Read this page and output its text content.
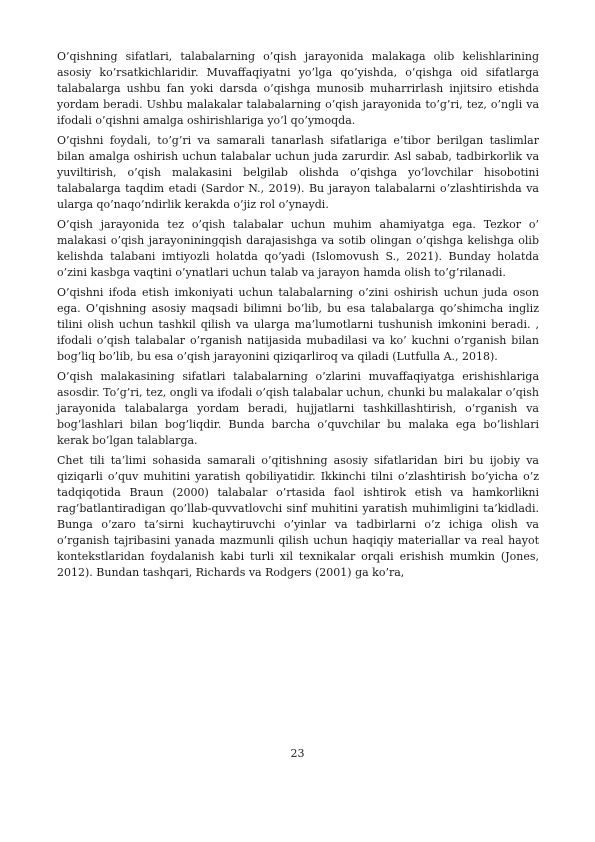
O’qishning sifatlari, talabalarning o’qish jarayonida malakaga olib kelishlarining asosiy ko’rsatkichlaridir. Muvaffaqiyatni yo’lga qo’yishda, o’qishga oid sifatlarga talabalarga ushbu fan yoki darsda o’qishga munosib muharrirlash injitsiro etishda yordam beradi. Ushbu malakalar talabalarning o’qish jarayonida to’g’ri, tez, o’ngli va ifodali o’qishni amalga oshirishlariga yo’l qo’ymoqda.

O’qishni foydali, to’g’ri va samarali tanarlash sifatlariga e’tibor berilgan taslimlar bilan amalga oshirish uchun talabalar uchun juda zarurdir. Asl sabab, tadbirkorlik va yuviltirish, o’qish malakasini belgilab olishda o’qishga yo’lovchilar hisobotini talabalarga taqdim etadi (Sardor N., 2019). Bu jarayon talabalarni o’zlashtirishda va ularga qo’naqo’ndirlik kerakda o’jiz rol o’ynaydi.

O’qish jarayonida tez o’qish talabalar uchun muhim ahamiyatga ega. Tezkor o’ malakasi o’qish jarayoniningqish darajasishga va sotib olingan o’qishga kelishga olib kelishda talabani imtiyozli holatda qo’yadi (Islomovush S., 2021). Bunday holatda o’zini kasbga vaqtini o’ynatlari uchun talab va jarayon hamda olish to’g’rilanadi.

O’qishni ifoda etish imkoniyati uchun talabalarning o’zini oshirish uchun juda oson ega. O’qishning asosiy maqsadi bilimni bo’lib, bu esa talabalarga qo’shimcha ingliz tilini olish uchun tashkil qilish va ularga ma’lumotlarni tushunish imkonini beradi. , ifodali o’qish talabalar o’rganish natijasida mubadilasi va ko’ kuchni o’rganish bilan bog’liq bo’lib, bu esa o’qish jarayonini qiziqarliroq va qiladi (Lutfulla A., 2018).

O’qish malakasining sifatlari talabalarning o’zlarini muvaffaqiyatga erishishlariga asosdir. To’g’ri, tez, ongli va ifodali o’qish talabalar uchun, chunki bu malakalar o’qish jarayonida talabalarga yordam beradi, hujjatlarni tashkillashtirish, o’rganish va bog’lashlari bilan bog’liqdir. Bunda barcha o’quvchilar bu malaka ega bo’lishlari kerak bo’lgan talablarga.

Chet tili ta’limi sohasida samarali o’qitishning asosiy sifatlaridan biri bu ijobiy va qiziqarli o’quv muhitini yaratish qobiliyatidir. Ikkinchi tilni o’zlashtirish bo’yicha o’z tadqiqotida Braun (2000) talabalar o’rtasida faol ishtirok etish va hamkorlikni rag’batlantiradigan qo’llab-quvvatlovchi sinf muhitini yaratish muhimligini ta’kidladi. Bunga o’zaro ta’sirni kuchaytiruvchi o’yinlar va tadbirlarni o’z ichiga olish va o’rganish tajribasini yanada mazmunli qilish uchun haqiqiy materiallar va real hayot kontekstlaridan foydalanish kabi turli xil texnikalar orqali erishish mumkin (Jones, 2012). Bundan tashqari, Richards va Rodgers (2001) ga ko’ra,

23
